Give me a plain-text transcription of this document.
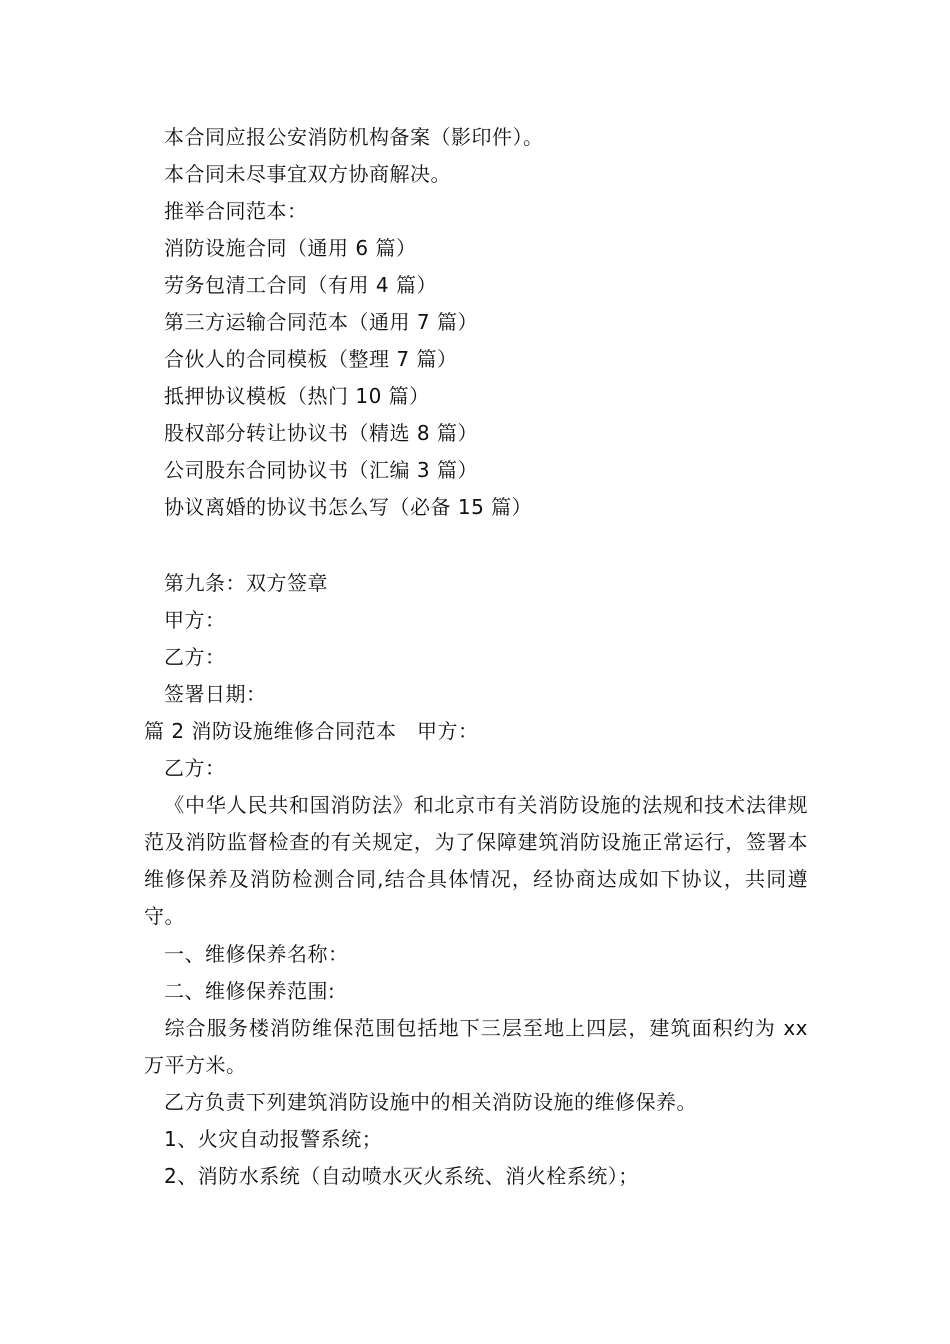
本合同应报公安消防机构备案（影印件）。
本合同未尽事宜双方协商解决。
推举合同范本：
消防设施合同（通用 6 篇）
劳务包清工合同（有用 4 篇）
第三方运输合同范本（通用 7 篇）
合伙人的合同模板（整理 7 篇）
抵押协议模板（热门 10 篇）
股权部分转让协议书（精选 8 篇）
公司股东合同协议书（汇编 3 篇）
协议离婚的协议书怎么写（必备 15 篇）
第九条：双方签章
甲方：
乙方：
签署日期：
篇 2 消防设施维修合同范本　甲方：
乙方：
《中华人民共和国消防法》和北京市有关消防设施的法规和技术法律规范及消防监督检查的有关规定，为了保障建筑消防设施正常运行，签署本维修保养及消防检测合同,结合具体情况，经协商达成如下协议，共同遵守。
一、维修保养名称：
二、维修保养范围:
综合服务楼消防维保范围包括地下三层至地上四层，建筑面积约为 xx 万平方米。
乙方负责下列建筑消防设施中的相关消防设施的维修保养。
1、火灾自动报警系统；
2、消防水系统（自动喷水灭火系统、消火栓系统）；
